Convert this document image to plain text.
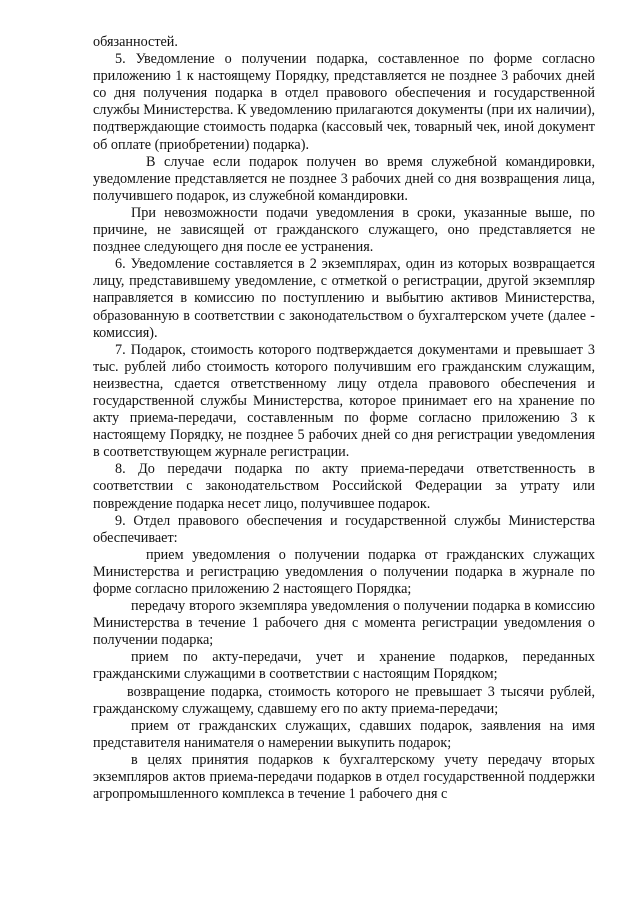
обязанностей.

5. Уведомление о получении подарка, составленное по форме согласно приложению 1 к настоящему Порядку, представляется не позднее 3 рабочих дней со дня получения подарка в отдел правового обеспечения и государственной службы Министерства. К уведомлению прилагаются документы (при их наличии), подтверждающие стоимость подарка (кассовый чек, товарный чек, иной документ об оплате (приобретении) подарка).

В случае если подарок получен во время служебной командировки, уведомление представляется не позднее 3 рабочих дней со дня возвращения лица, получившего подарок, из служебной командировки.

При невозможности подачи уведомления в сроки, указанные выше, по причине, не зависящей от гражданского служащего, оно представляется не позднее следующего дня после ее устранения.

6. Уведомление составляется в 2 экземплярах, один из которых возвращается лицу, представившему уведомление, с отметкой о регистрации, другой экземпляр направляется в комиссию по поступлению и выбытию активов Министерства, образованную в соответствии с законодательством о бухгалтерском учете (далее - комиссия).

7. Подарок, стоимость которого подтверждается документами и превышает 3 тыс. рублей либо стоимость которого получившим его гражданским служащим, неизвестна, сдается ответственному лицу отдела правового обеспечения и государственной службы Министерства, которое принимает его на хранение по акту приема-передачи, составленным по форме согласно приложению 3 к настоящему Порядку, не позднее 5 рабочих дней со дня регистрации уведомления в соответствующем журнале регистрации.

8. До передачи подарка по акту приема-передачи ответственность в соответствии с законодательством Российской Федерации за утрату или повреждение подарка несет лицо, получившее подарок.

9. Отдел правового обеспечения и государственной службы Министерства обеспечивает:

прием уведомления о получении подарка от гражданских служащих Министерства и регистрацию уведомления о получении подарка в журнале по форме согласно приложению 2 настоящего Порядка;

передачу второго экземпляра уведомления о получении подарка в комиссию Министерства в течение 1 рабочего дня с момента регистрации уведомления о получении подарка;

прием по акту-передачи, учет и хранение подарков, переданных гражданскими служащими в соответствии с настоящим Порядком;

возвращение подарка, стоимость которого не превышает 3 тысячи рублей, гражданскому служащему, сдавшему его по акту приема-передачи;

прием от гражданских служащих, сдавших подарок, заявления на имя представителя нанимателя о намерении выкупить подарок;

в целях принятия подарков к бухгалтерскому учету передачу вторых экземпляров актов приема-передачи подарков в отдел государственной поддержки агропромышленного комплекса в течение 1 рабочего дня с
